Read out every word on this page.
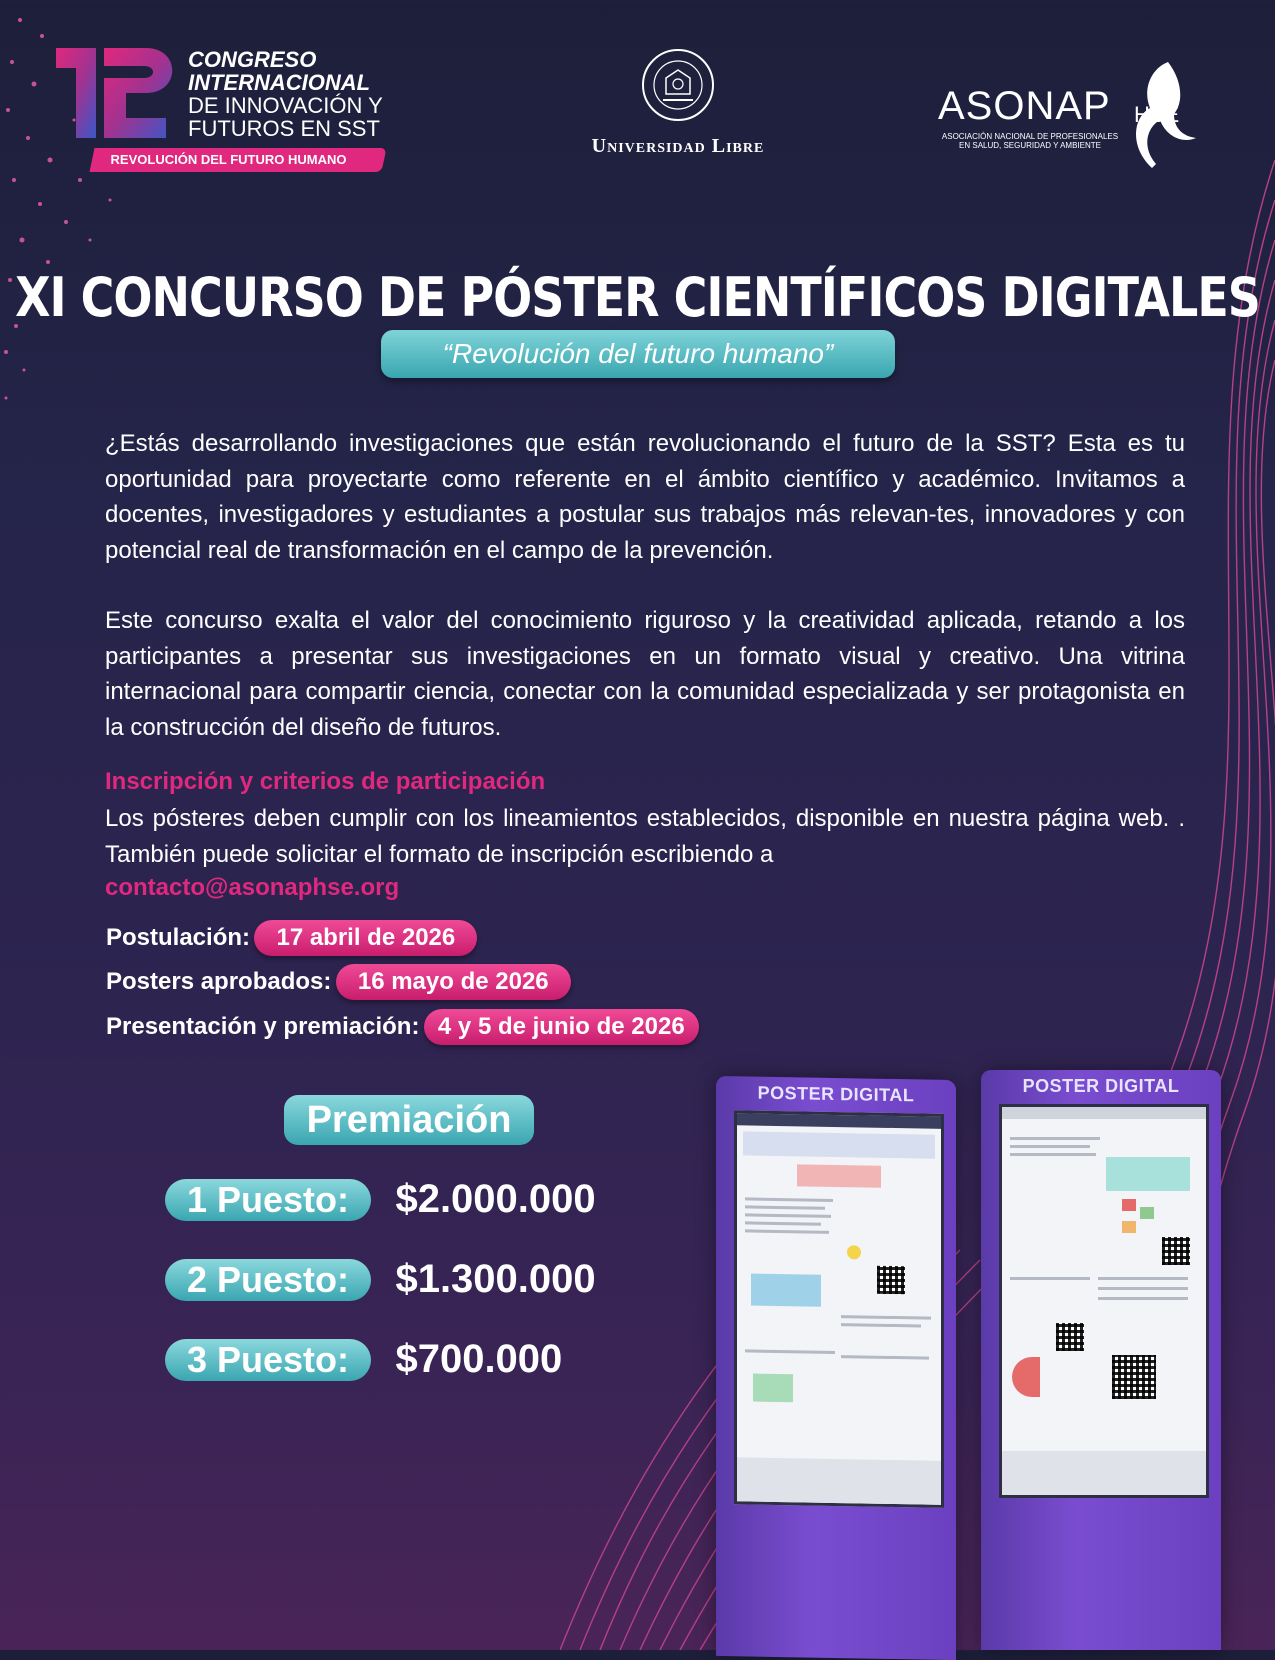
CONGRESO
INTERNACIONAL
DE INNOVACIÓN Y
FUTUROS EN SST
REVOLUCIÓN DEL FUTURO HUMANO
Universidad Libre
ASONAP
ASOCIACIÓN NACIONAL DE PROFESIONALES
EN SALUD, SEGURIDAD Y AMBIENTE
HSE
XI CONCURSO DE PÓSTER CIENTÍFICOS DIGITALES
“Revolución del futuro humano”
¿Estás desarrollando investigaciones que están revolucionando el futuro de la SST? Esta es tu oportunidad para proyectarte como referente en el ámbito científico y académico. Invitamos a docentes, investigadores y estudiantes a postular sus trabajos más relevan-tes, innovadores y con potencial real de transformación en el campo de la prevención.
Este concurso exalta el valor del conocimiento riguroso y la creatividad aplicada, retando a los participantes a presentar sus investigaciones en un formato visual y creativo. Una vitrina internacional para compartir ciencia, conectar con la comunidad especializada y ser protagonista en la construcción del diseño de futuros.
Inscripción y criterios de participación
Los pósteres deben cumplir con los lineamientos establecidos, disponible en nuestra página web. . También puede solicitar el formato de inscripción escribiendo a
contacto@asonaphse.org
Postulación: 17 abril de 2026
Posters aprobados: 16 mayo de 2026
Presentación y premiación: 4 y 5 de junio de 2026
Premiación
1 Puesto: $2.000.000
2 Puesto: $1.300.000
3 Puesto: $700.000
POSTER DIGITAL	POSTER DIGITAL
